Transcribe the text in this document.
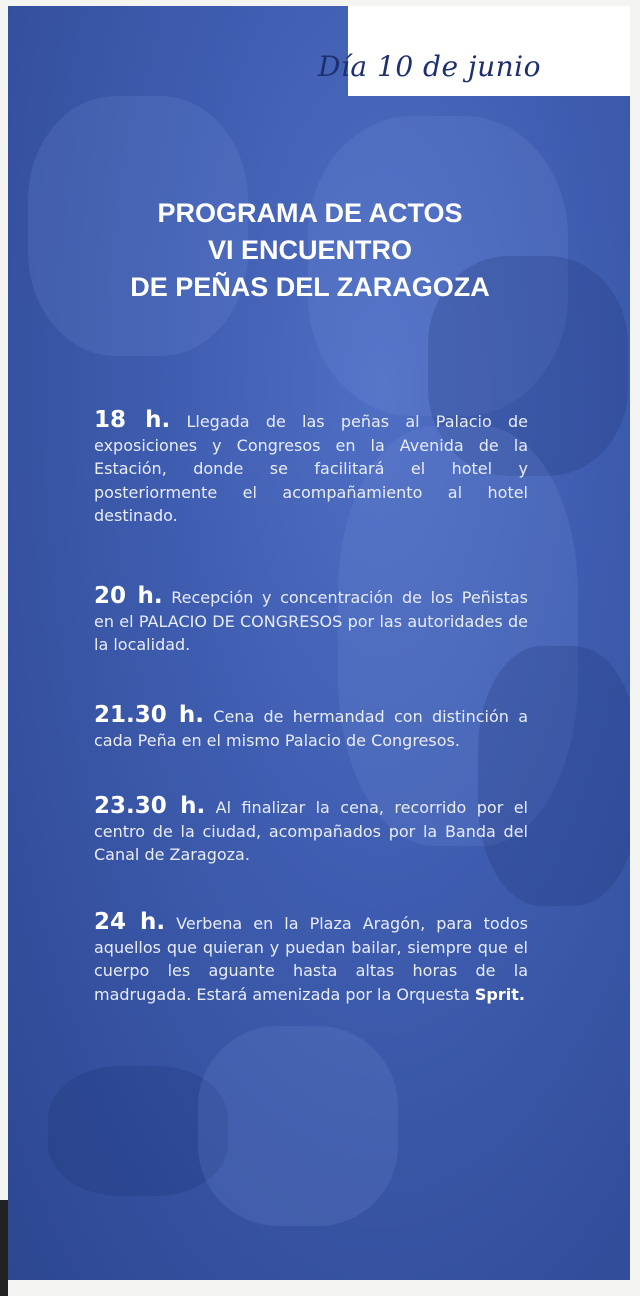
Día 10 de junio
PROGRAMA DE ACTOS
VI ENCUENTRO
DE PEÑAS DEL ZARAGOZA
18 h. Llegada de las peñas al Palacio de exposiciones y Congresos en la Avenida de la Estación, donde se facilitará el hotel y posteriormente el acompañamiento al hotel destinado.
20 h. Recepción y concentración de los Peñistas en el PALACIO DE CONGRESOS por las autoridades de la localidad.
21.30 h. Cena de hermandad con distinción a cada Peña en el mismo Palacio de Congresos.
23.30 h. Al finalizar la cena, recorrido por el centro de la ciudad, acompañados por la Banda del Canal de Zaragoza.
24 h. Verbena en la Plaza Aragón, para todos aquellos que quieran y puedan bailar, siempre que el cuerpo les aguante hasta altas horas de la madrugada. Estará amenizada por la Orquesta Sprit.
